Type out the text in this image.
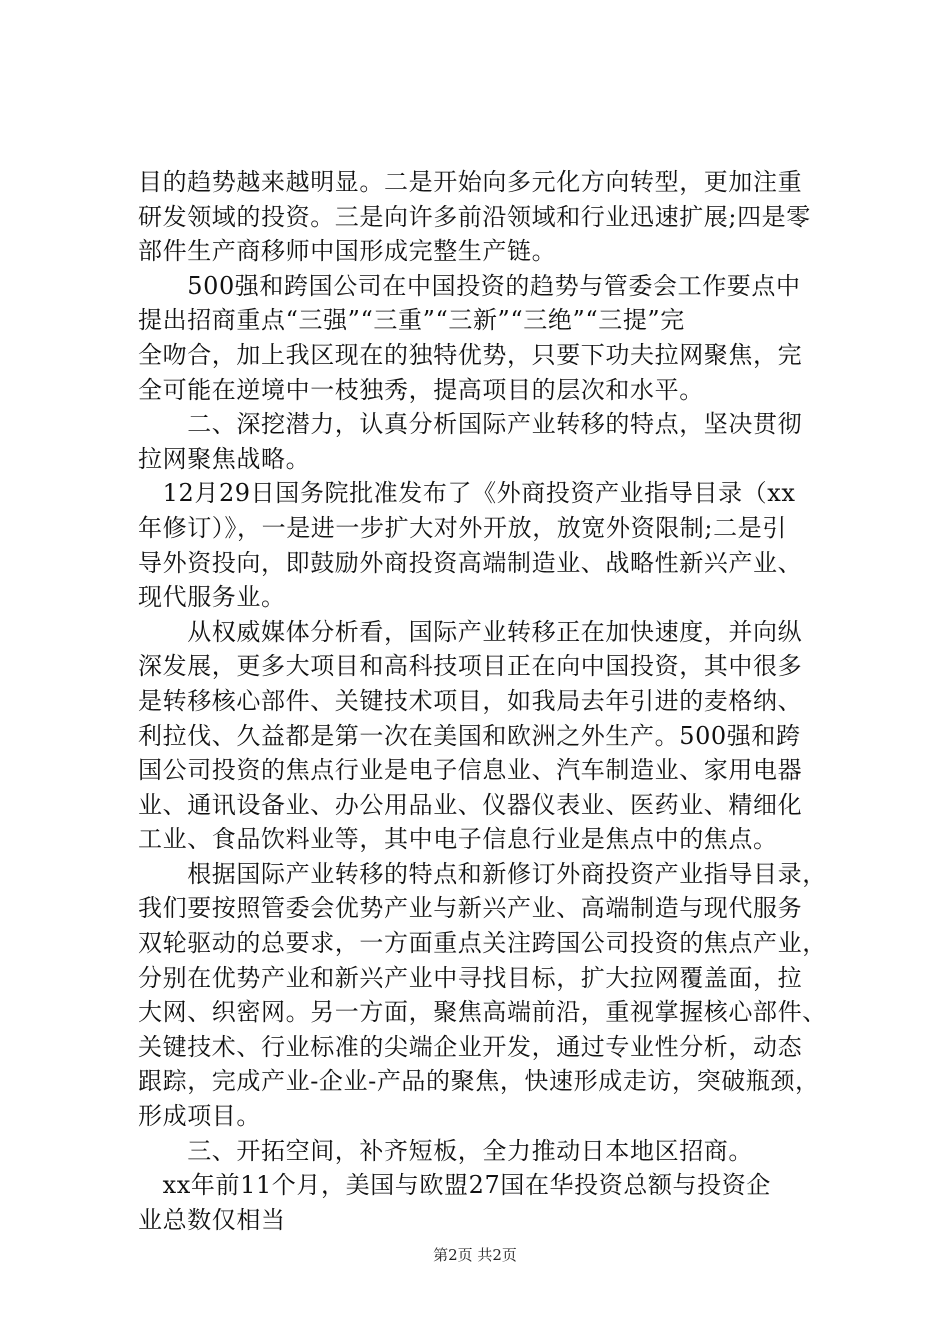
目的趋势越来越明显。二是开始向多元化方向转型，更加注重
研发领域的投资。三是向许多前沿领域和行业迅速扩展;四是零
部件生产商移师中国形成完整生产链。
　　500强和跨国公司在中国投资的趋势与管委会工作要点中
提出招商重点“三强”“三重”“三新”“三绝”“三提”完
全吻合，加上我区现在的独特优势，只要下功夫拉网聚焦，完
全可能在逆境中一枝独秀，提高项目的层次和水平。
　　二、深挖潜力，认真分析国际产业转移的特点，坚决贯彻
拉网聚焦战略。
　12月29日国务院批准发布了《外商投资产业指导目录（xx
年修订）》，一是进一步扩大对外开放，放宽外资限制;二是引
导外资投向，即鼓励外商投资高端制造业、战略性新兴产业、
现代服务业。
　　从权威媒体分析看，国际产业转移正在加快速度，并向纵
深发展，更多大项目和高科技项目正在向中国投资，其中很多
是转移核心部件、关键技术项目，如我局去年引进的麦格纳、
利拉伐、久益都是第一次在美国和欧洲之外生产。500强和跨
国公司投资的焦点行业是电子信息业、汽车制造业、家用电器
业、通讯设备业、办公用品业、仪器仪表业、医药业、精细化
工业、食品饮料业等，其中电子信息行业是焦点中的焦点。
　　根据国际产业转移的特点和新修订外商投资产业指导目录，
我们要按照管委会优势产业与新兴产业、高端制造与现代服务
双轮驱动的总要求，一方面重点关注跨国公司投资的焦点产业，
分别在优势产业和新兴产业中寻找目标，扩大拉网覆盖面，拉
大网、织密网。另一方面，聚焦高端前沿，重视掌握核心部件、
关键技术、行业标准的尖端企业开发，通过专业性分析，动态
跟踪，完成产业-企业-产品的聚焦，快速形成走访，突破瓶颈，
形成项目。
　　三、开拓空间，补齐短板，全力推动日本地区招商。
　xx年前11个月，美国与欧盟27国在华投资总额与投资企
业总数仅相当
第2页 共2页
